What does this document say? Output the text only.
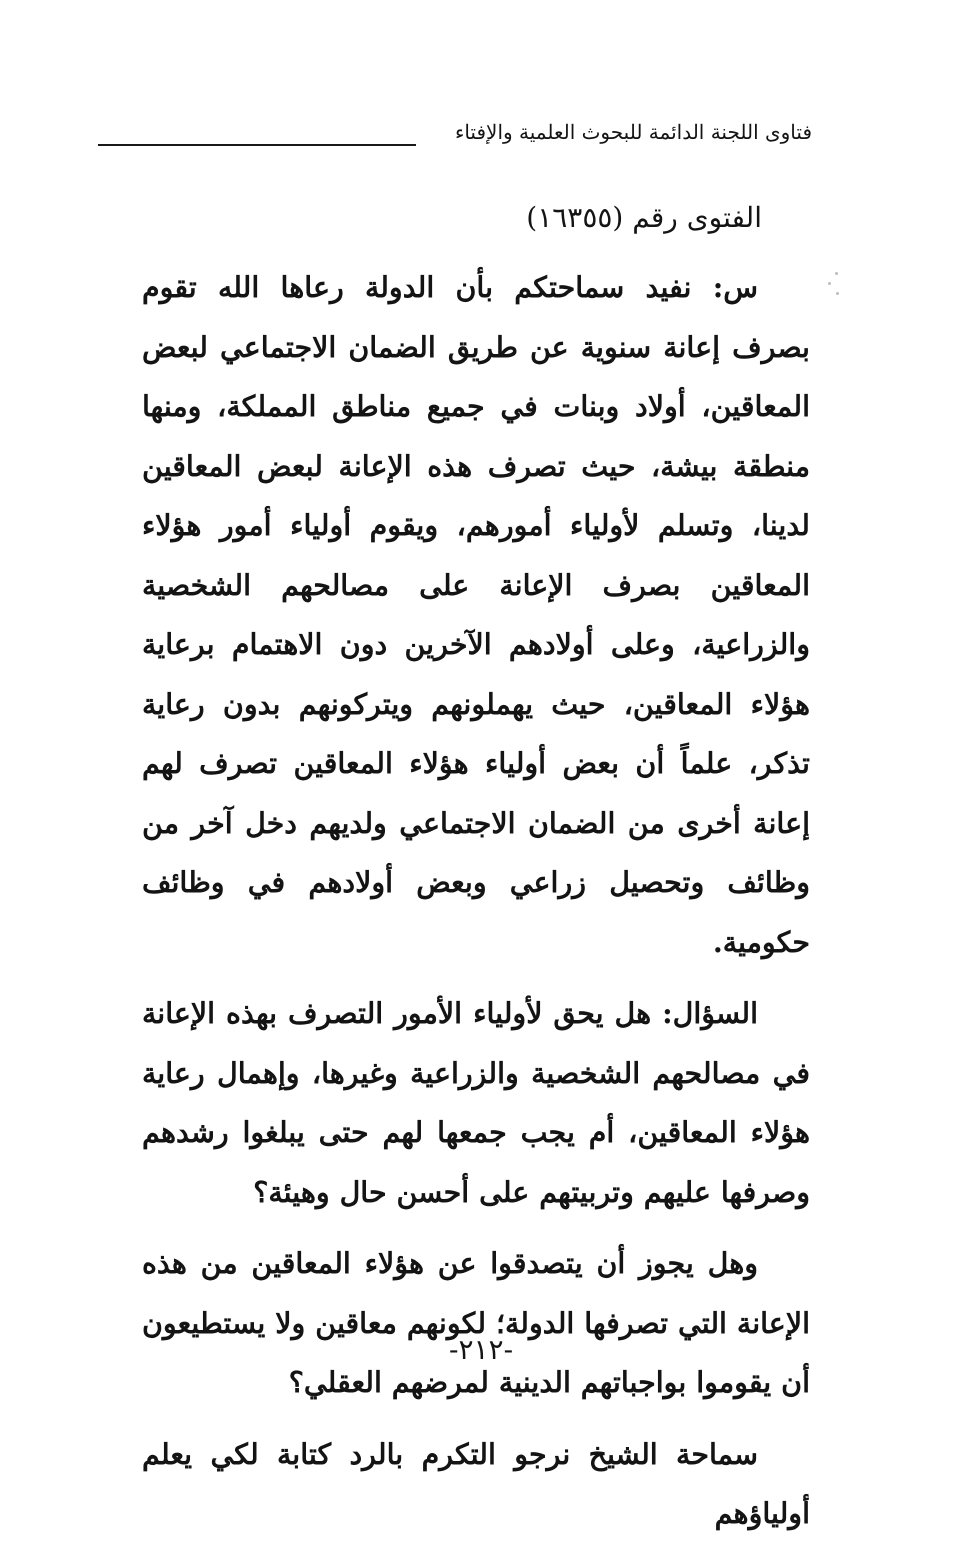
فتاوى اللجنة الدائمة للبحوث العلمية والإفتاء
الفتوى رقم (١٦٣٥٥)

س: نفيد سماحتكم بأن الدولة رعاها الله تقوم بصرف إعانة سنوية عن طريق الضمان الاجتماعي لبعض المعاقين، أولاد وبنات في جميع مناطق المملكة، ومنها منطقة بيشة، حيث تصرف هذه الإعانة لبعض المعاقين لدينا، وتسلم لأولياء أمورهم، ويقوم أولياء أمور هؤلاء المعاقين بصرف الإعانة على مصالحهم الشخصية والزراعية، وعلى أولادهم الآخرين دون الاهتمام برعاية هؤلاء المعاقين، حيث يهملونهم ويتركونهم بدون رعاية تذكر، علماً أن بعض أولياء هؤلاء المعاقين تصرف لهم إعانة أخرى من الضمان الاجتماعي ولديهم دخل آخر من وظائف وتحصيل زراعي وبعض أولادهم في وظائف حكومية.

السؤال: هل يحق لأولياء الأمور التصرف بهذه الإعانة في مصالحهم الشخصية والزراعية وغيرها، وإهمال رعاية هؤلاء المعاقين، أم يجب جمعها لهم حتى يبلغوا رشدهم وصرفها عليهم وتربيتهم على أحسن حال وهيئة؟

وهل يجوز أن يتصدقوا عن هؤلاء المعاقين من هذه الإعانة التي تصرفها الدولة؛ لكونهم معاقين ولا يستطيعون أن يقوموا بواجباتهم الدينية لمرضهم العقلي؟

سماحة الشيخ نرجو التكرم بالرد كتابة لكي يعلم أولياؤهم

-٢١٢-
